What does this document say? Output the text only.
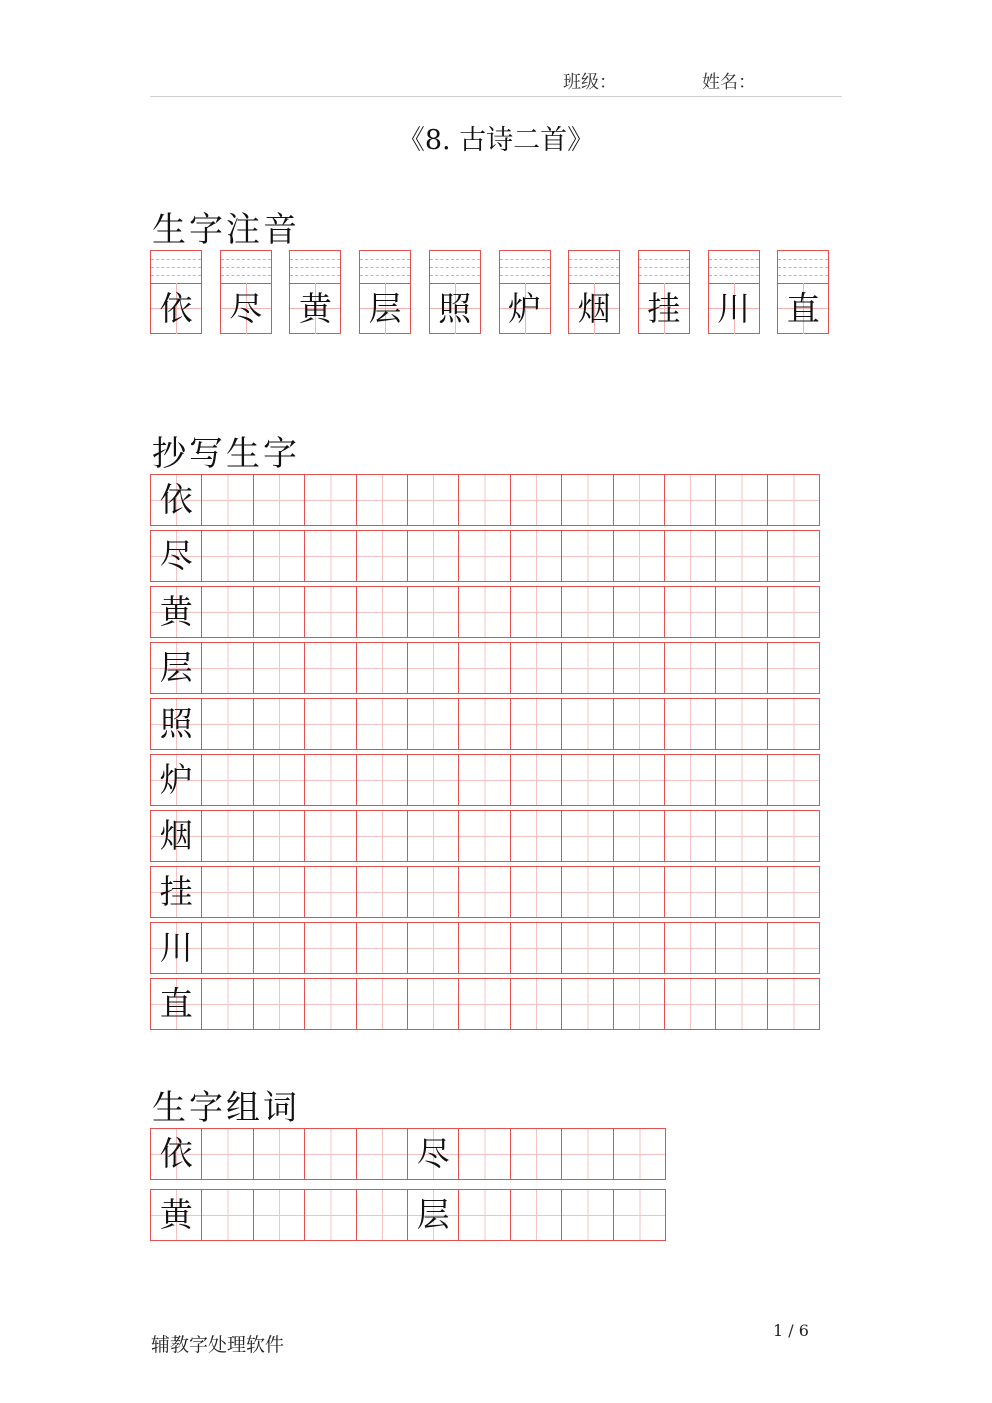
班级：	姓名：
《8. 古诗二首》
生字注音
依 尽 黄 层 照 炉 烟 挂 川 直
抄写生字
依
尽
黄
层
照
炉
烟
挂
川
直
生字组词
依	尽
黄	层
辅教字处理软件
1 / 6
